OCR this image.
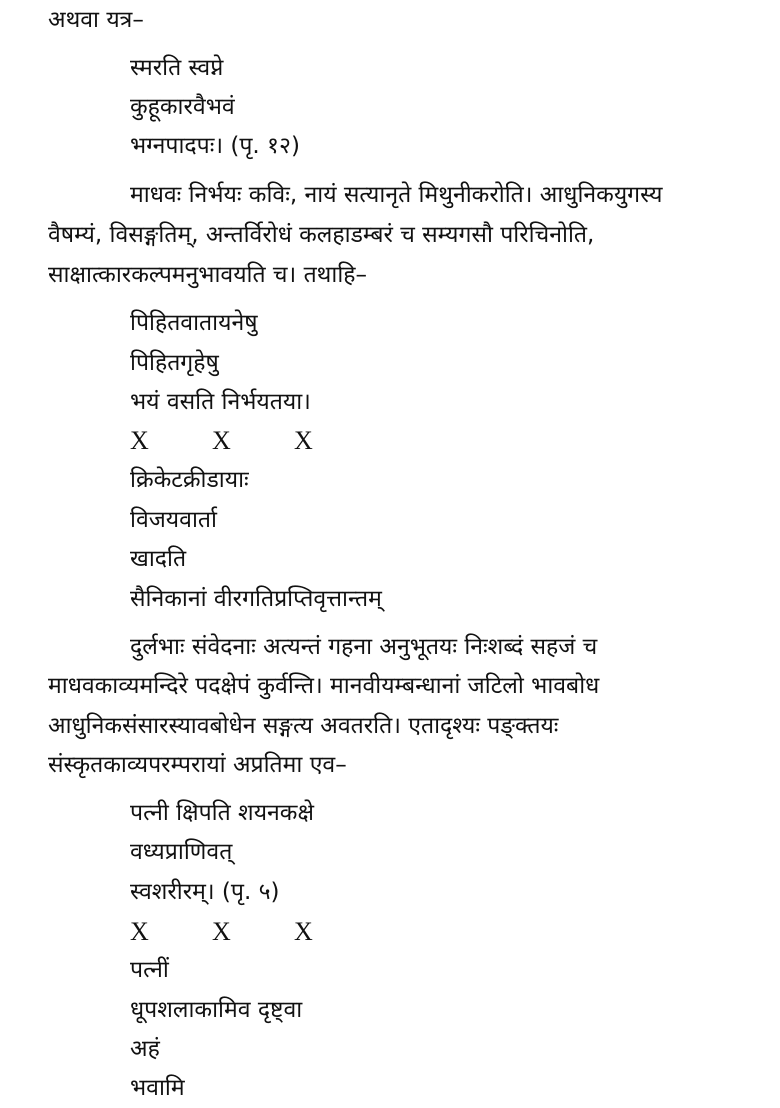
अथवा यत्र–

स्मरति स्वप्ने

कुहूकारवैभवं

भग्नपादपः। (पृ. १२)

माधवः निर्भयः कविः, नायं सत्यानृते मिथुनीकरोति। आधुनिकयुगस्य

वैषम्यं, विसङ्गतिम्, अन्तर्विरोधं कलहाडम्बरं च सम्यगसौ परिचिनोति,

साक्षात्कारकल्पमनुभावयति च। तथाहि–

पिहितवातायनेषु

पिहितगृहेषु

भयं वसति निर्भयतया।

X X X

क्रिकेटक्रीडायाः

विजयवार्ता

खादति

सैनिकानां वीरगतिप्रप्तिवृत्तान्तम्

दुर्लभाः संवेदनाः अत्यन्तं गहना अनुभूतयः निःशब्दं सहजं च

माधवकाव्यमन्दिरे पदक्षेपं कुर्वन्ति। मानवीयम्बन्धानां जटिलो भावबोध

आधुनिकसंसारस्यावबोधेन सङ्गत्य अवतरति। एतादृश्यः पङ्क्तयः

संस्कृतकाव्यपरम्परायां अप्रतिमा एव–

पत्नी क्षिपति शयनकक्षे

वध्यप्राणिवत्

स्वशरीरम्। (पृ. ५)

X X X

पत्नीं

धूपशलाकामिव दृष्ट्वा

अहं

भवामि
